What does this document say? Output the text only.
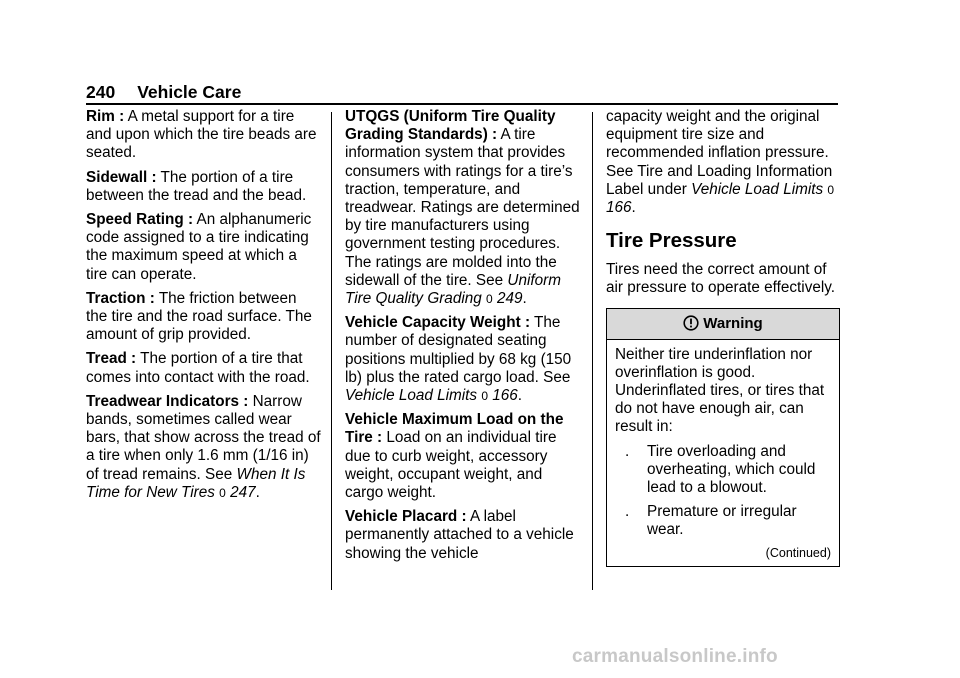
240 Vehicle Care

Rim : A metal support for a tire and upon which the tire beads are seated.

Sidewall : The portion of a tire between the tread and the bead.

Speed Rating : An alphanumeric code assigned to a tire indicating the maximum speed at which a tire can operate.

Traction : The friction between the tire and the road surface. The amount of grip provided.

Tread : The portion of a tire that comes into contact with the road.

Treadwear Indicators : Narrow bands, sometimes called wear bars, that show across the tread of a tire when only 1.6 mm (1/16 in) of tread remains. See When It Is Time for New Tires 0 247.

UTQGS (Uniform Tire Quality Grading Standards) : A tire information system that provides consumers with ratings for a tire’s traction, temperature, and treadwear. Ratings are determined by tire manufacturers using government testing procedures. The ratings are molded into the sidewall of the tire. See Uniform Tire Quality Grading 0 249.

Vehicle Capacity Weight : The number of designated seating positions multiplied by 68 kg (150 lb) plus the rated cargo load. See Vehicle Load Limits 0 166.

Vehicle Maximum Load on the Tire : Load on an individual tire due to curb weight, accessory weight, occupant weight, and cargo weight.

Vehicle Placard : A label permanently attached to a vehicle showing the vehicle

capacity weight and the original equipment tire size and recommended inflation pressure. See Tire and Loading Information Label under Vehicle Load Limits 0 166.

Tire Pressure

Tires need the correct amount of air pressure to operate effectively.

Warning

Neither tire underinflation nor overinflation is good. Underinflated tires, or tires that do not have enough air, can result in:

. Tire overloading and overheating, which could lead to a blowout.
. Premature or irregular wear.
(Continued)
carmanualsonline.info
